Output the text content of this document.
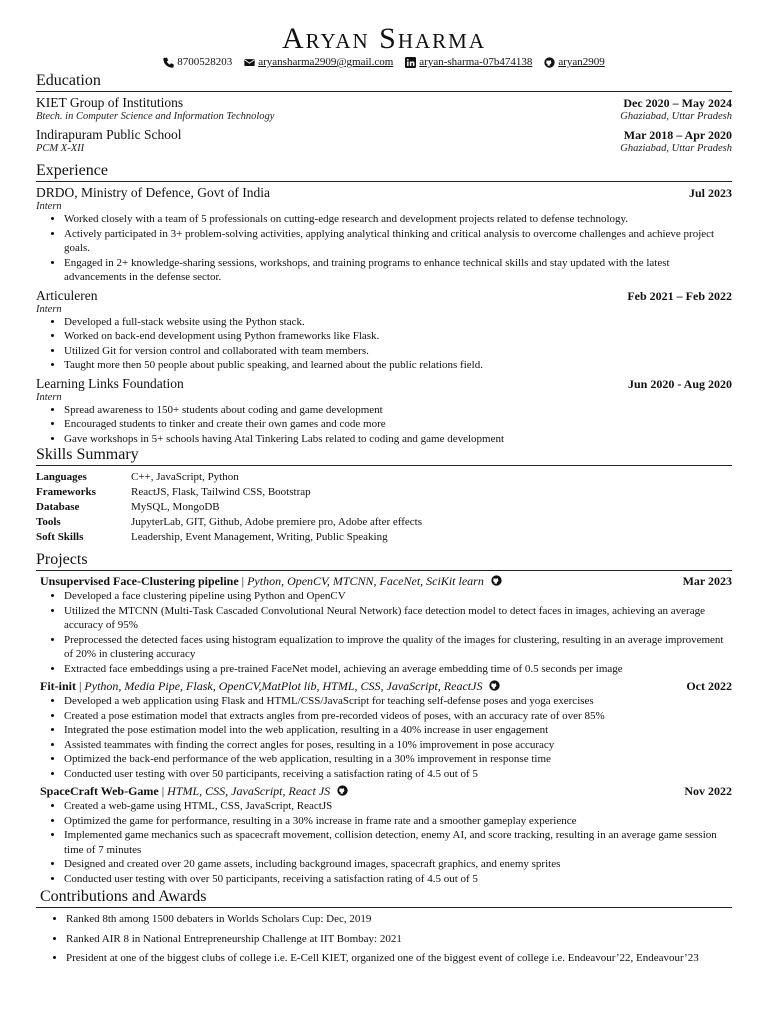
Aryan Sharma
8700528203 aryansharma2909@gmail.com aryan-sharma-07b474138 aryan2909
Education
KIET Group of Institutions	Dec 2020 – May 2024
Btech. in Computer Science and Information Technology	Ghaziabad, Uttar Pradesh
Indirapuram Public School	Mar 2018 – Apr 2020
PCM X-XII	Ghaziabad, Uttar Pradesh
Experience
DRDO, Ministry of Defence, Govt of India	Jul 2023
Intern
• Worked closely with a team of 5 professionals on cutting-edge research and development projects related to defense technology.
• Actively participated in 3+ problem-solving activities, applying analytical thinking and critical analysis to overcome challenges and achieve project goals.
• Engaged in 2+ knowledge-sharing sessions, workshops, and training programs to enhance technical skills and stay updated with the latest advancements in the defense sector.
Articuleren	Feb 2021 – Feb 2022
Intern
• Developed a full-stack website using the Python stack.
• Worked on back-end development using Python frameworks like Flask.
• Utilized Git for version control and collaborated with team members.
• Taught more then 50 people about public speaking, and learned about the public relations field.
Learning Links Foundation	Jun 2020 - Aug 2020
Intern
• Spread awareness to 150+ students about coding and game development
• Encouraged students to tinker and create their own games and code more
• Gave workshops in 5+ schools having Atal Tinkering Labs related to coding and game development
Skills Summary
Languages	C++, JavaScript, Python
Frameworks	ReactJS, Flask, Tailwind CSS, Bootstrap
Database	MySQL, MongoDB
Tools	JupyterLab, GIT, Github, Adobe premiere pro, Adobe after effects
Soft Skills	Leadership, Event Management, Writing, Public Speaking
Projects
Unsupervised Face-Clustering pipeline | Python, OpenCV, MTCNN, FaceNet, SciKit learn	Mar 2023
• Developed a face clustering pipeline using Python and OpenCV
• Utilized the MTCNN (Multi-Task Cascaded Convolutional Neural Network) face detection model to detect faces in images, achieving an average accuracy of 95%
• Preprocessed the detected faces using histogram equalization to improve the quality of the images for clustering, resulting in an average improvement of 20% in clustering accuracy
• Extracted face embeddings using a pre-trained FaceNet model, achieving an average embedding time of 0.5 seconds per image
Fit-init | Python, Media Pipe, Flask, OpenCV,MatPlot lib, HTML, CSS, JavaScript, ReactJS	Oct 2022
• Developed a web application using Flask and HTML/CSS/JavaScript for teaching self-defense poses and yoga exercises
• Created a pose estimation model that extracts angles from pre-recorded videos of poses, with an accuracy rate of over 85%
• Integrated the pose estimation model into the web application, resulting in a 40% increase in user engagement
• Assisted teammates with finding the correct angles for poses, resulting in a 10% improvement in pose accuracy
• Optimized the back-end performance of the web application, resulting in a 30% improvement in response time
• Conducted user testing with over 50 participants, receiving a satisfaction rating of 4.5 out of 5
SpaceCraft Web-Game | HTML, CSS, JavaScript, React JS	Nov 2022
• Created a web-game using HTML, CSS, JavaScript, ReactJS
• Optimized the game for performance, resulting in a 30% increase in frame rate and a smoother gameplay experience
• Implemented game mechanics such as spacecraft movement, collision detection, enemy AI, and score tracking, resulting in an average game session time of 7 minutes
• Designed and created over 20 game assets, including background images, spacecraft graphics, and enemy sprites
• Conducted user testing with over 50 participants, receiving a satisfaction rating of 4.5 out of 5
Contributions and Awards
• Ranked 8th among 1500 debaters in Worlds Scholars Cup: Dec, 2019
• Ranked AIR 8 in National Entrepreneurship Challenge at IIT Bombay: 2021
• President at one of the biggest clubs of college i.e. E-Cell KIET, organized one of the biggest event of college i.e. Endeavour’22, Endeavour’23
